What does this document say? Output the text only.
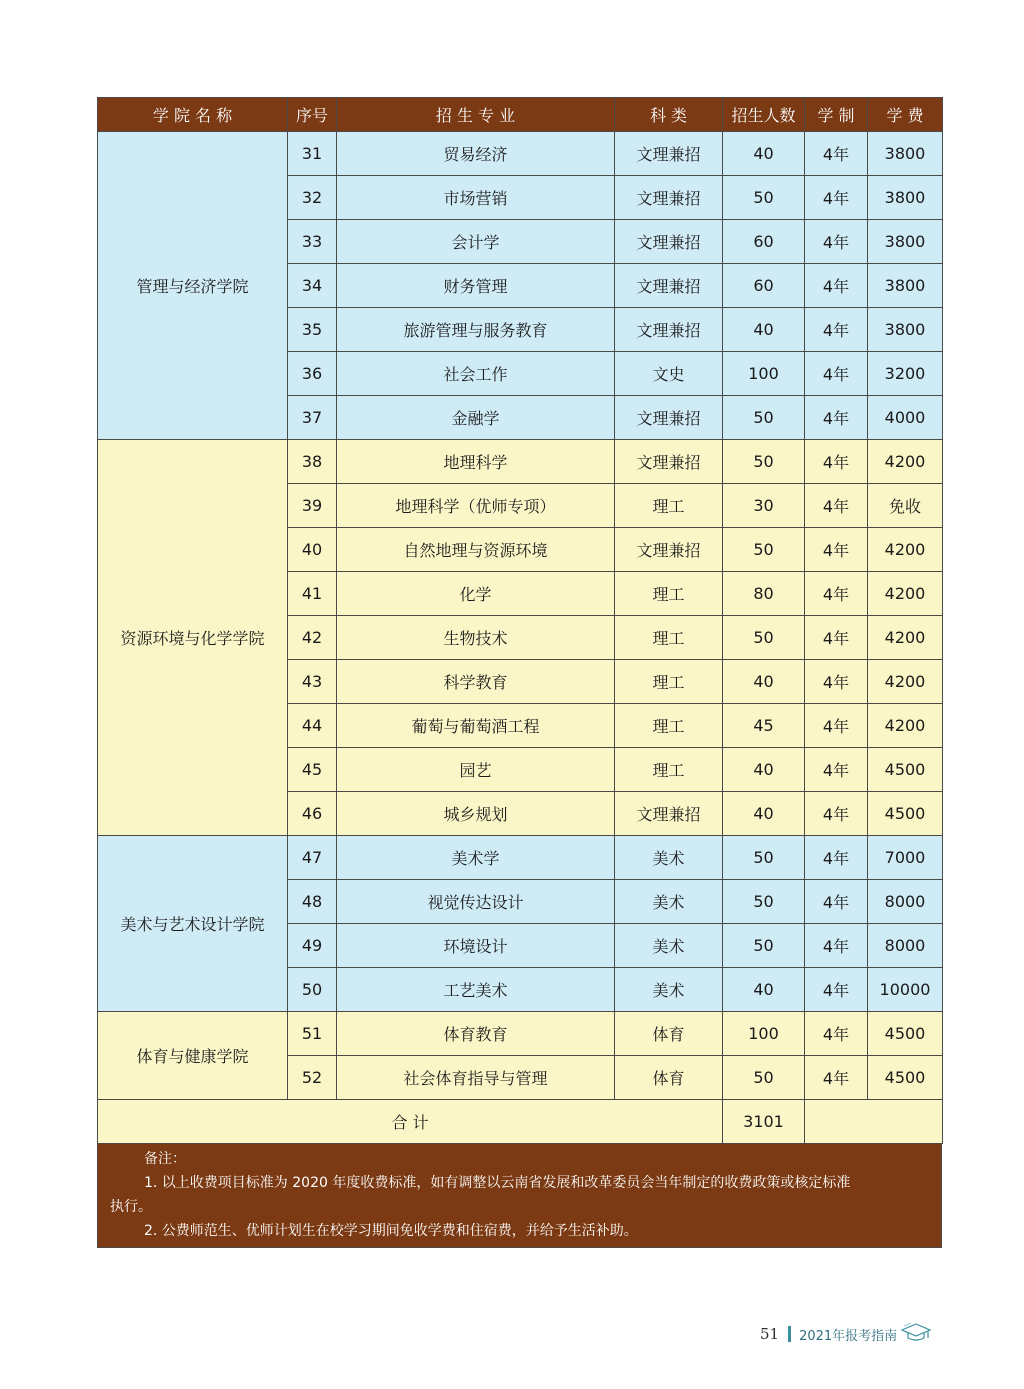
学 院 名 称	序号	招 生 专 业	科 类	招生人数	学 制	学 费
管理与经济学院	31	贸易经济	文理兼招	40	4年	3800
	32	市场营销	文理兼招	50	4年	3800
	33	会计学	文理兼招	60	4年	3800
	34	财务管理	文理兼招	60	4年	3800
	35	旅游管理与服务教育	文理兼招	40	4年	3800
	36	社会工作	文史	100	4年	3200
	37	金融学	文理兼招	50	4年	4000
资源环境与化学学院	38	地理科学	文理兼招	50	4年	4200
	39	地理科学（优师专项）	理工	30	4年	免收
	40	自然地理与资源环境	文理兼招	50	4年	4200
	41	化学	理工	80	4年	4200
	42	生物技术	理工	50	4年	4200
	43	科学教育	理工	40	4年	4200
	44	葡萄与葡萄酒工程	理工	45	4年	4200
	45	园艺	理工	40	4年	4500
	46	城乡规划	文理兼招	40	4年	4500
美术与艺术设计学院	47	美术学	美术	50	4年	7000
	48	视觉传达设计	美术	50	4年	8000
	49	环境设计	美术	50	4年	8000
	50	工艺美术	美术	40	4年	10000
体育与健康学院	51	体育教育	体育	100	4年	4500
	52	社会体育指导与管理	体育	50	4年	4500
合 计				3101		
备注：
1. 以上收费项目标准为 2020 年度收费标准，如有调整以云南省发展和改革委员会当年制定的收费政策或核定标准
执行。
2. 公费师范生、优师计划生在校学习期间免收学费和住宿费，并给予生活补助。
51 2021年报考指南
